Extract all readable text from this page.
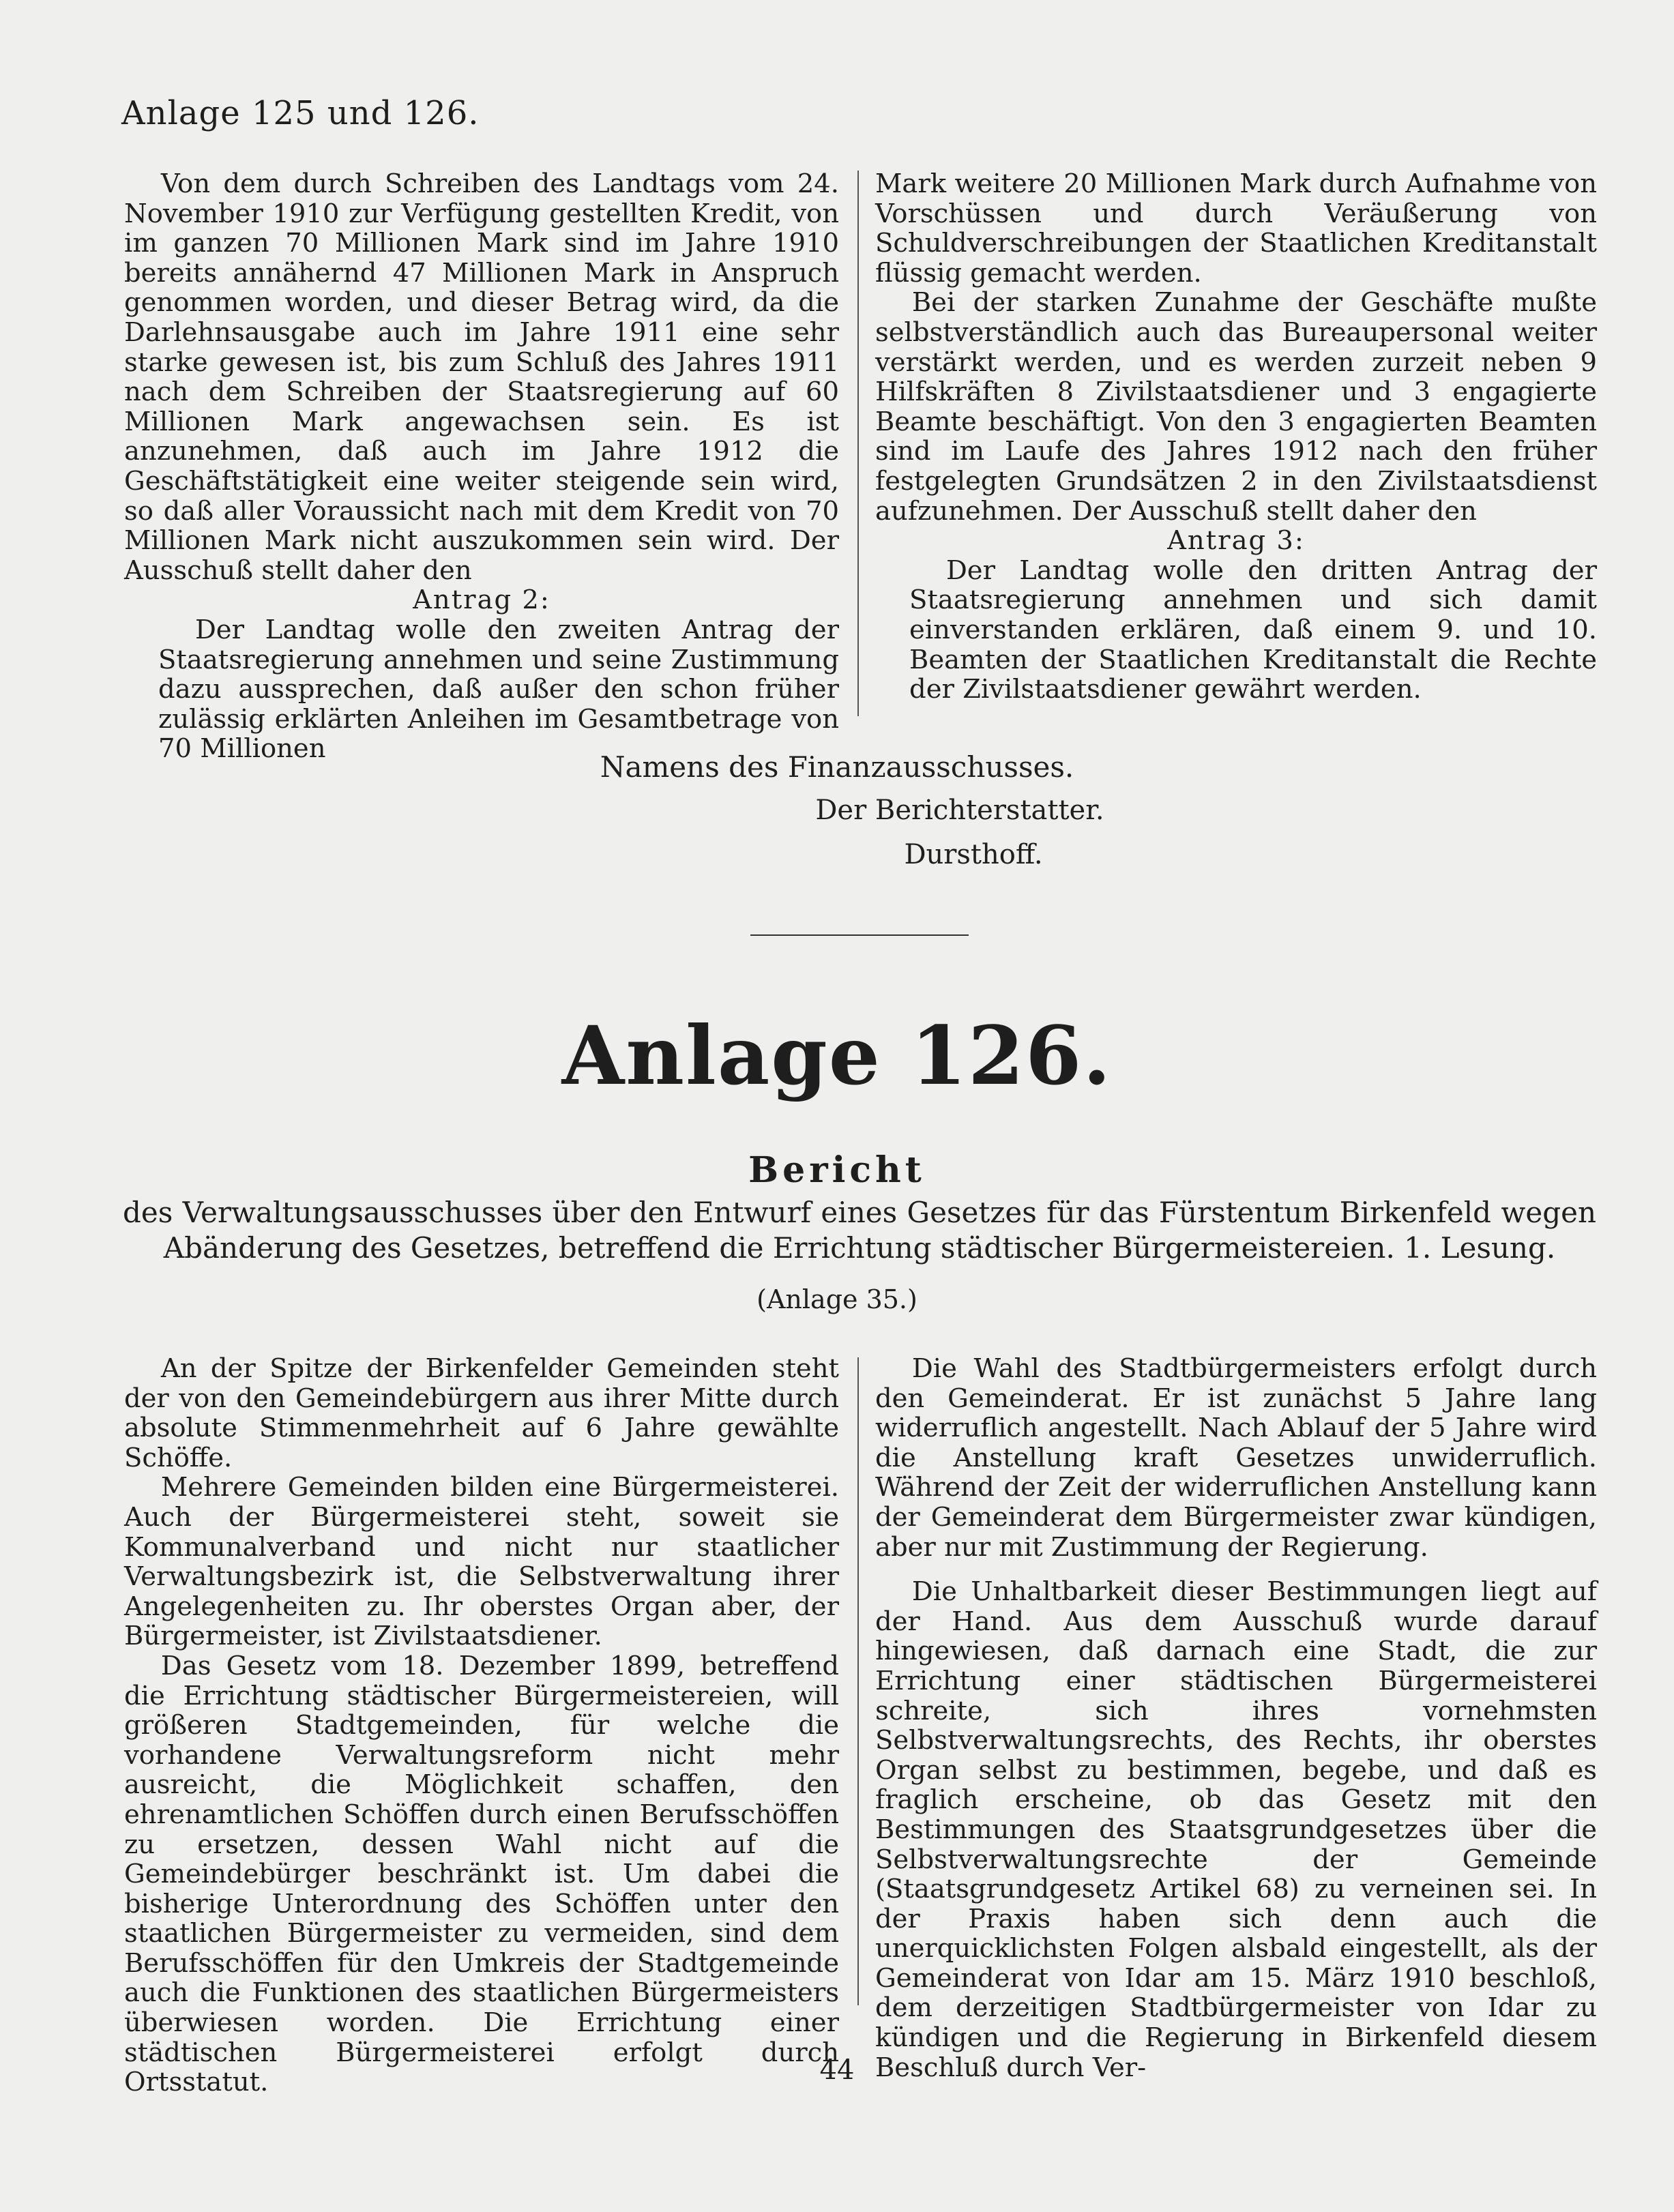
Anlage 125 und 126.

Von dem durch Schreiben des Landtags vom 24. November 1910 zur Verfügung gestellten Kredit, von im ganzen 70 Millionen Mark sind im Jahre 1910 bereits annähernd 47 Millionen Mark in Anspruch genommen worden, und dieser Betrag wird, da die Darlehnsausgabe auch im Jahre 1911 eine sehr starke gewesen ist, bis zum Schluß des Jahres 1911 nach dem Schreiben der Staatsregierung auf 60 Millionen Mark angewachsen sein. Es ist anzunehmen, daß auch im Jahre 1912 die Geschäftstätigkeit eine weiter steigende sein wird, so daß aller Voraussicht nach mit dem Kredit von 70 Millionen Mark nicht auszukommen sein wird. Der Ausschuß stellt daher den

Antrag 2:

Der Landtag wolle den zweiten Antrag der Staatsregierung annehmen und seine Zustimmung dazu aussprechen, daß außer den schon früher zulässig erklärten Anleihen im Gesamtbetrage von 70 Millionen

Mark weitere 20 Millionen Mark durch Aufnahme von Vorschüssen und durch Veräußerung von Schuldverschreibungen der Staatlichen Kreditanstalt flüssig gemacht werden.

Bei der starken Zunahme der Geschäfte mußte selbstverständlich auch das Bureaupersonal weiter verstärkt werden, und es werden zurzeit neben 9 Hilfskräften 8 Zivilstaatsdiener und 3 engagierte Beamte beschäftigt. Von den 3 engagierten Beamten sind im Laufe des Jahres 1912 nach den früher festgelegten Grundsätzen 2 in den Zivilstaatsdienst aufzunehmen. Der Ausschuß stellt daher den

Antrag 3:

Der Landtag wolle den dritten Antrag der Staatsregierung annehmen und sich damit einverstanden erklären, daß einem 9. und 10. Beamten der Staatlichen Kreditanstalt die Rechte der Zivilstaatsdiener gewährt werden.

Namens des Finanzausschusses.
Der Berichterstatter.
Dursthoff.
Anlage 126.
Bericht
des Verwaltungsausschusses über den Entwurf eines Gesetzes für das Fürstentum Birkenfeld wegen Abänderung des Gesetzes, betreffend die Errichtung städtischer Bürgermeistereien. 1. Lesung.
(Anlage 35.)

An der Spitze der Birkenfelder Gemeinden steht der von den Gemeindebürgern aus ihrer Mitte durch absolute Stimmenmehrheit auf 6 Jahre gewählte Schöffe.

Mehrere Gemeinden bilden eine Bürgermeisterei. Auch der Bürgermeisterei steht, soweit sie Kommunalverband und nicht nur staatlicher Verwaltungsbezirk ist, die Selbstverwaltung ihrer Angelegenheiten zu. Ihr oberstes Organ aber, der Bürgermeister, ist Zivilstaatsdiener.

Das Gesetz vom 18. Dezember 1899, betreffend die Errichtung städtischer Bürgermeistereien, will größeren Stadtgemeinden, für welche die vorhandene Verwaltungsreform nicht mehr ausreicht, die Möglichkeit schaffen, den ehrenamtlichen Schöffen durch einen Berufsschöffen zu ersetzen, dessen Wahl nicht auf die Gemeindebürger beschränkt ist. Um dabei die bisherige Unterordnung des Schöffen unter den staatlichen Bürgermeister zu vermeiden, sind dem Berufsschöffen für den Umkreis der Stadtgemeinde auch die Funktionen des staatlichen Bürgermeisters überwiesen worden. Die Errichtung einer städtischen Bürgermeisterei erfolgt durch Ortsstatut.

Die Wahl des Stadtbürgermeisters erfolgt durch den Gemeinderat. Er ist zunächst 5 Jahre lang widerruflich angestellt. Nach Ablauf der 5 Jahre wird die Anstellung kraft Gesetzes unwiderruflich. Während der Zeit der widerruflichen Anstellung kann der Gemeinderat dem Bürgermeister zwar kündigen, aber nur mit Zustimmung der Regierung.

Die Unhaltbarkeit dieser Bestimmungen liegt auf der Hand. Aus dem Ausschuß wurde darauf hingewiesen, daß darnach eine Stadt, die zur Errichtung einer städtischen Bürgermeisterei schreite, sich ihres vornehmsten Selbstverwaltungsrechts, des Rechts, ihr oberstes Organ selbst zu bestimmen, begebe, und daß es fraglich erscheine, ob das Gesetz mit den Bestimmungen des Staatsgrundgesetzes über die Selbstverwaltungsrechte der Gemeinde (Staatsgrundgesetz Artikel 68) zu verneinen sei. In der Praxis haben sich denn auch die unerquicklichsten Folgen alsbald eingestellt, als der Gemeinderat von Idar am 15. März 1910 beschloß, dem derzeitigen Stadtbürgermeister von Idar zu kündigen und die Regierung in Birkenfeld diesem Beschluß durch Ver-

44
